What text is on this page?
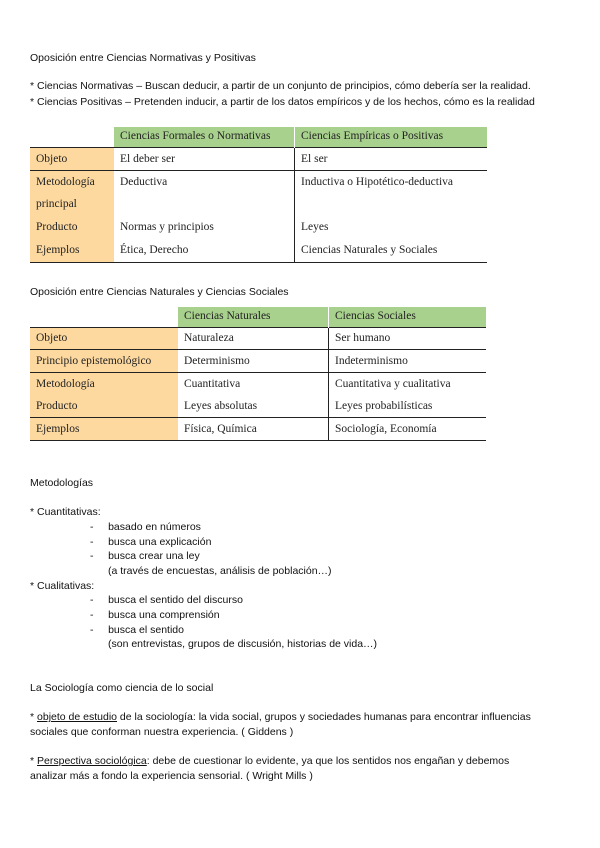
Oposición entre Ciencias Normativas y Positivas
* Ciencias Normativas – Buscan deducir, a partir de un conjunto de principios, cómo debería ser la realidad.
* Ciencias Positivas – Pretenden inducir, a partir de los datos empíricos y de los hechos, cómo es la realidad
	Ciencias Formales o Normativas	Ciencias Empíricas o Positivas
Objeto	El deber ser	El ser

Metodología
principal	Deductiva	Inductiva o Hipotético-deductiva
Producto	Normas y principios	Leyes
Ejemplos	Ética, Derecho	Ciencias Naturales y Sociales
Oposición entre Ciencias Naturales y Ciencias Sociales
	Ciencias Naturales	Ciencias Sociales
Objeto	Naturaleza	Ser humano
Principio epistemológico	Determinismo	Indeterminismo
Metodología	Cuantitativa	Cuantitativa y cualitativa
Producto	Leyes absolutas	Leyes probabilísticas
Ejemplos	Física, Química	Sociología, Economía
Metodologías
* Cuantitativas:
-     basado en números
-     busca una explicación
-     busca crear una ley
(a través de encuestas, análisis de población…)
* Cualitativas:
-     busca el sentido del discurso
-     busca una comprensión
-     busca el sentido
(son entrevistas, grupos de discusión, historias de vida…)
La Sociología como ciencia de lo social
* objeto de estudio de la sociología: la vida social, grupos y sociedades humanas para encontrar influencias
sociales que conforman nuestra experiencia. ( Giddens )
* Perspectiva sociológica: debe de cuestionar lo evidente, ya que los sentidos nos engañan y debemos
analizar más a fondo la experiencia sensorial. ( Wright Mills )
